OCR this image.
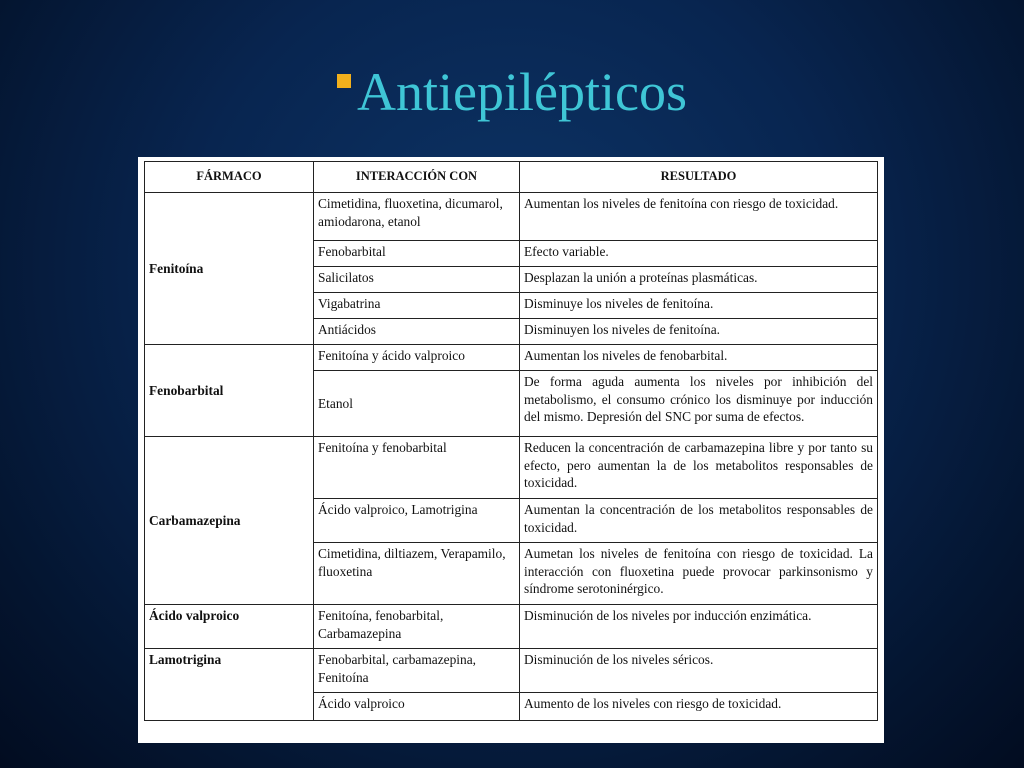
Antiepilépticos
FÁRMACO	INTERACCIÓN CON	RESULTADO
Fenitoína	Cimetidina, fluoxetina, dicumarol, amiodarona, etanol	Aumentan los niveles de fenitoína con riesgo de toxicidad.
	Fenobarbital	Efecto variable.
	Salicilatos	Desplazan la unión a proteínas plasmáticas.
	Vigabatrina	Disminuye los niveles de fenitoína.
	Antiácidos	Disminuyen los niveles de fenitoína.
Fenobarbital	Fenitoína y ácido valproico	Aumentan los niveles de fenobarbital.
	Etanol	De forma aguda aumenta los niveles por inhibición del metabolismo, el consumo crónico los disminuye por inducción del mismo. Depresión del SNC por suma de efectos.
Carbamazepina	Fenitoína y fenobarbital	Reducen la concentración de carbamazepina libre y por tanto su efecto, pero aumentan la de los metabolitos responsables de toxicidad.
	Ácido valproico, Lamotrigina	Aumentan la concentración de los metabolitos responsables de toxicidad.
	Cimetidina, diltiazem, Verapamilo, fluoxetina	Aumetan los niveles de fenitoína con riesgo de toxicidad. La interacción con fluoxetina puede provocar parkinsonismo y síndrome serotoninérgico.
Ácido valproico	Fenitoína, fenobarbital, Carbamazepina	Disminución de los niveles por inducción enzimática.
Lamotrigina	Fenobarbital, carbamazepina, Fenitoína	Disminución de los niveles séricos.
	Ácido valproico	Aumento de los niveles con riesgo de toxicidad.
